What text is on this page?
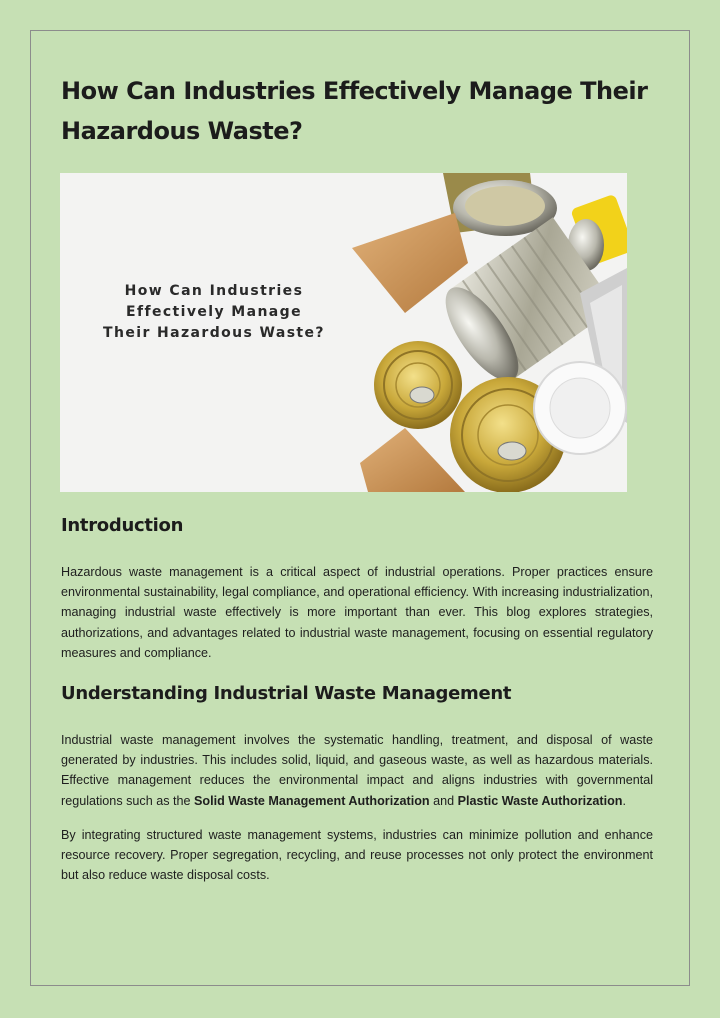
How Can Industries Effectively Manage Their Hazardous Waste?
How Can Industries
Effectively Manage
Their Hazardous Waste?
Introduction

Hazardous waste management is a critical aspect of industrial operations. Proper practices ensure environmental sustainability, legal compliance, and operational efficiency. With increasing industrialization, managing industrial waste effectively is more important than ever. This blog explores strategies, authorizations, and advantages related to industrial waste management, focusing on essential regulatory measures and compliance.

Understanding Industrial Waste Management

Industrial waste management involves the systematic handling, treatment, and disposal of waste generated by industries. This includes solid, liquid, and gaseous waste, as well as hazardous materials. Effective management reduces the environmental impact and aligns industries with governmental regulations such as the Solid Waste Management Authorization and Plastic Waste Authorization.

By integrating structured waste management systems, industries can minimize pollution and enhance resource recovery. Proper segregation, recycling, and reuse processes not only protect the environment but also reduce waste disposal costs.
